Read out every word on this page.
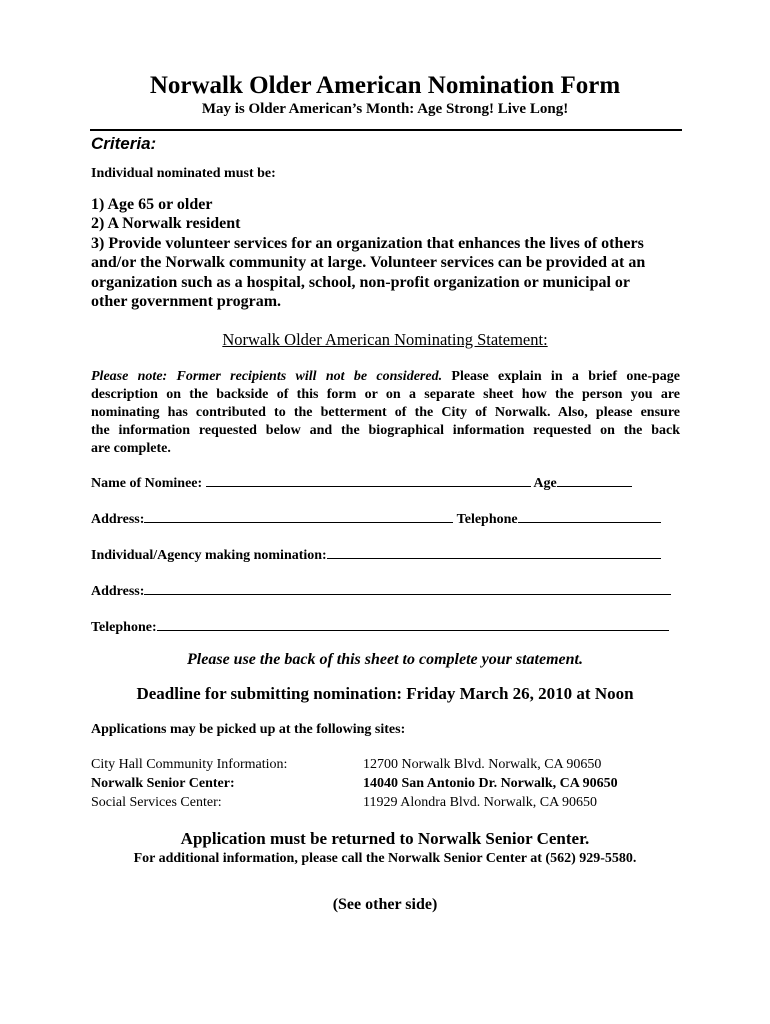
Norwalk Older American Nomination Form
May is Older American’s Month: Age Strong! Live Long!
Criteria:
Individual nominated must be:
1) Age 65 or older
2) A Norwalk resident
3) Provide volunteer services for an organization that enhances the lives of others
and/or the Norwalk community at large. Volunteer services can be provided at an
organization such as a hospital, school, non-profit organization or municipal or
other government program.
Norwalk Older American Nominating Statement:
Please note: Former recipients will not be considered. Please explain in a brief one-page
description on the backside of this form or on a separate sheet how the person you are
nominating has contributed to the betterment of the City of Norwalk. Also, please ensure
the information requested below and the biographical information requested on the back
are complete.
Name of Nominee:	Age
Address:	Telephone
Individual/Agency making nomination:
Address:
Telephone:
Please use the back of this sheet to complete your statement.
Deadline for submitting nomination: Friday March 26, 2010 at Noon
Applications may be picked up at the following sites:
City Hall Community Information:	12700 Norwalk Blvd. Norwalk, CA 90650
Norwalk Senior Center:	14040 San Antonio Dr. Norwalk, CA 90650
Social Services Center:	11929 Alondra Blvd. Norwalk, CA 90650
Application must be returned to Norwalk Senior Center.
For additional information, please call the Norwalk Senior Center at (562) 929-5580.
(See other side)
